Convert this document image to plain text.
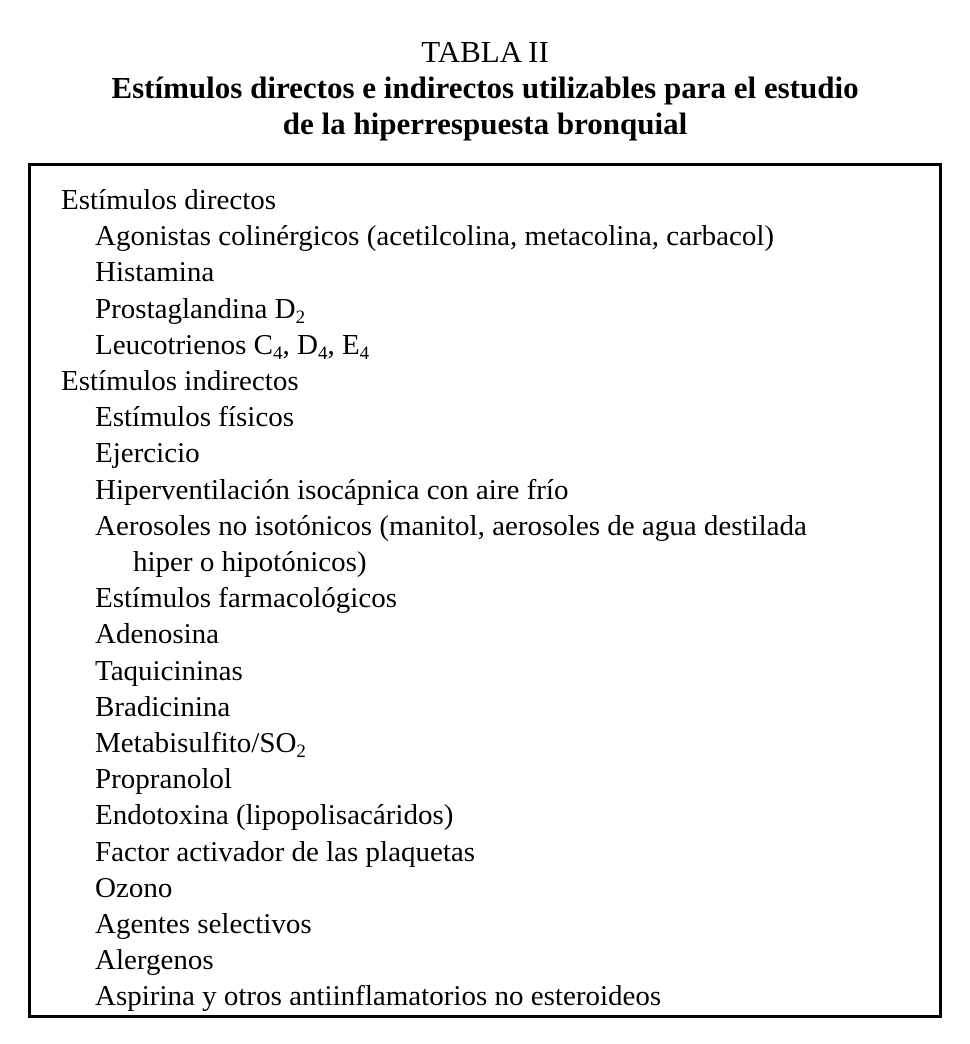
TABLA II
Estímulos directos e indirectos utilizables para el estudio
de la hiperrespuesta bronquial
Estímulos directos
Agonistas colinérgicos (acetilcolina, metacolina, carbacol)
Histamina
Prostaglandina $D_2$
Leucotrienos $C_4$, $D_4$, $E_4$
Estímulos indirectos
Estímulos físicos
Ejercicio
Hiperventilación isocápnica con aire frío
Aerosoles no isotónicos (manitol, aerosoles de agua destilada
hiper o hipotónicos)
Estímulos farmacológicos
Adenosina
Taquicininas
Bradicinina
Metabisulfito/$SO_2$
Propranolol
Endotoxina (lipopolisacáridos)
Factor activador de las plaquetas
Ozono
Agentes selectivos
Alergenos
Aspirina y otros antiinflamatorios no esteroideos
